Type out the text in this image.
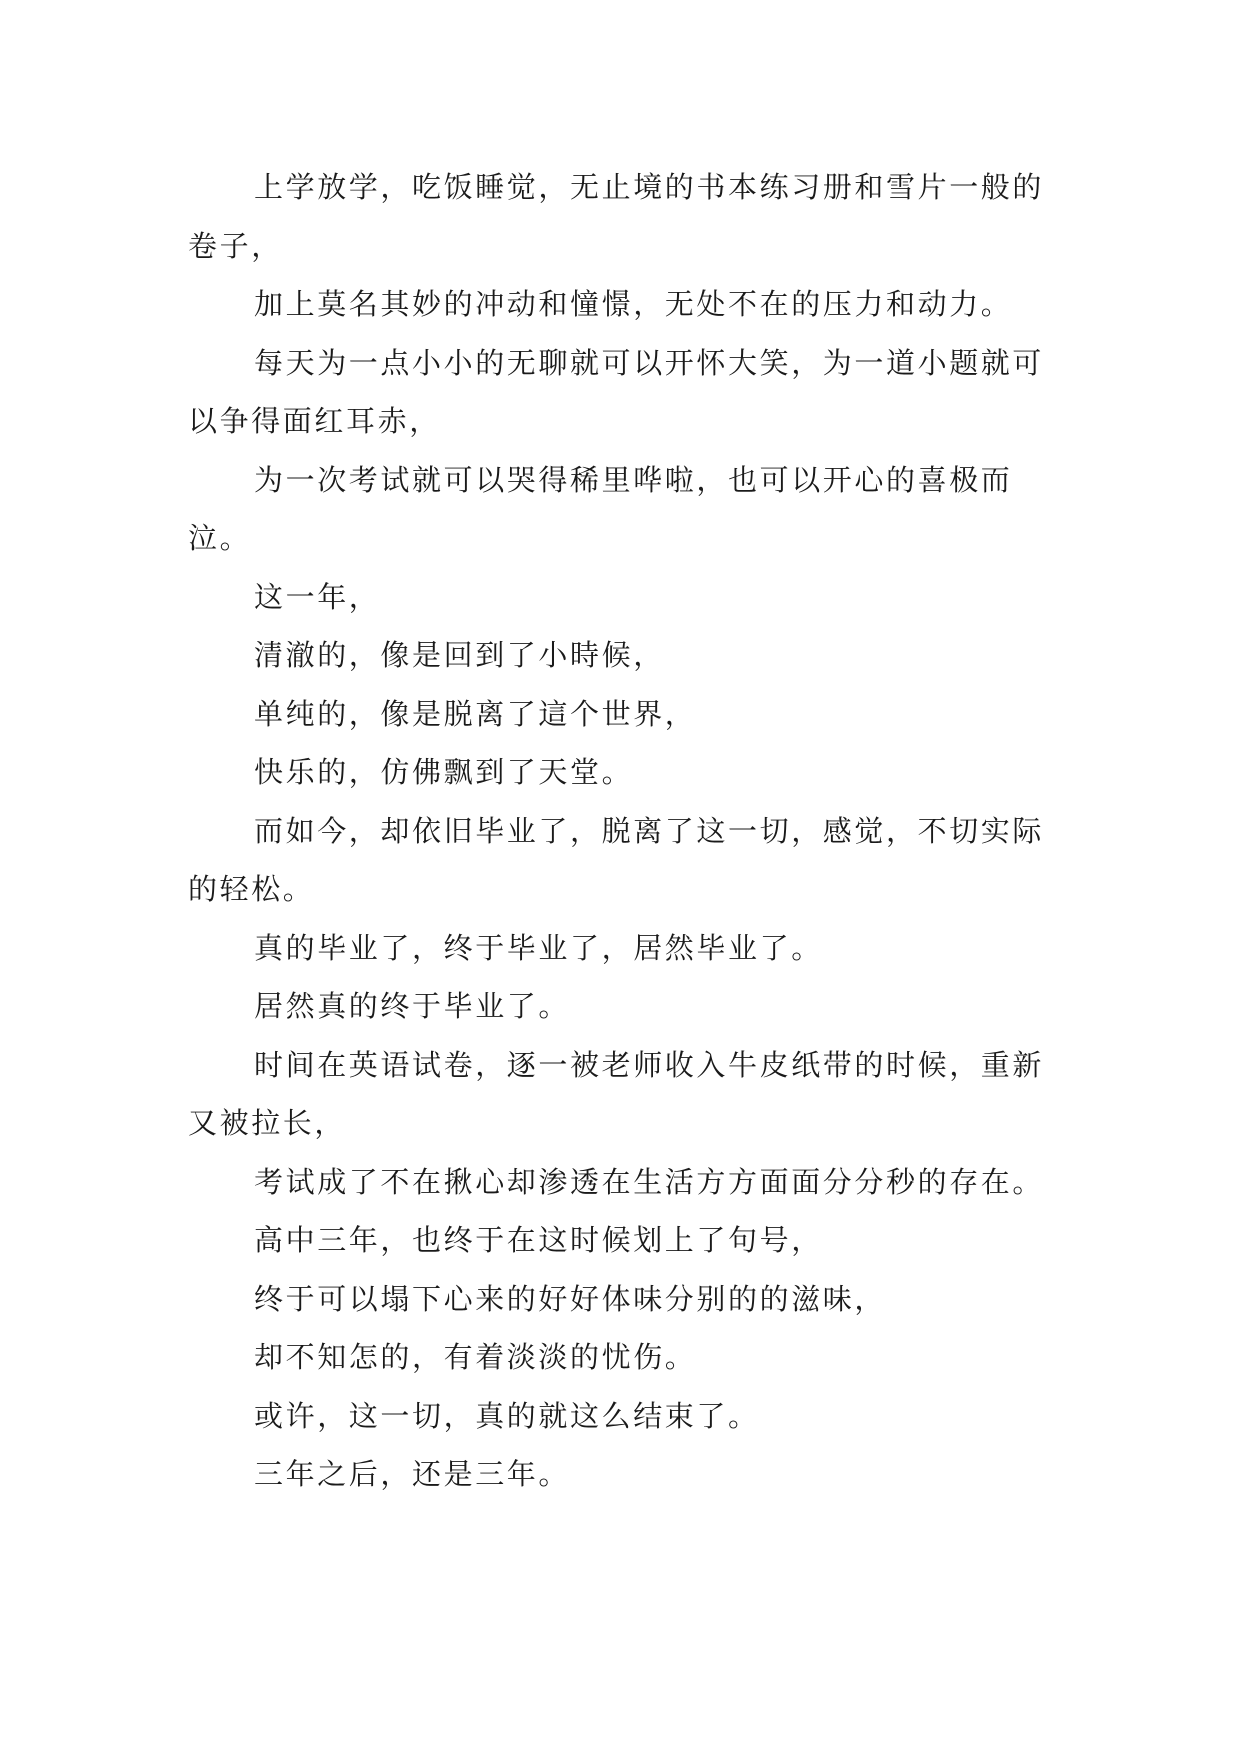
上学放学，吃饭睡觉，无止境的书本练习册和雪片一般的卷子，

加上莫名其妙的冲动和憧憬，无处不在的压力和动力。

每天为一点小小的无聊就可以开怀大笑，为一道小题就可以争得面红耳赤，

为一次考试就可以哭得稀里哗啦，也可以开心的喜极而泣。

这一年，

清澈的，像是回到了小時候，

单纯的，像是脱离了這个世界，

快乐的，仿佛飘到了天堂。

而如今，却依旧毕业了，脱离了这一切，感觉，不切实际的轻松。

真的毕业了，终于毕业了，居然毕业了。

居然真的终于毕业了。

时间在英语试卷，逐一被老师收入牛皮纸带的时候，重新又被拉长，

考试成了不在揪心却渗透在生活方方面面分分秒的存在。

高中三年，也终于在这时候划上了句号，

终于可以塌下心来的好好体味分别的的滋味，

却不知怎的，有着淡淡的忧伤。

或许，这一切，真的就这么结束了。

三年之后，还是三年。
